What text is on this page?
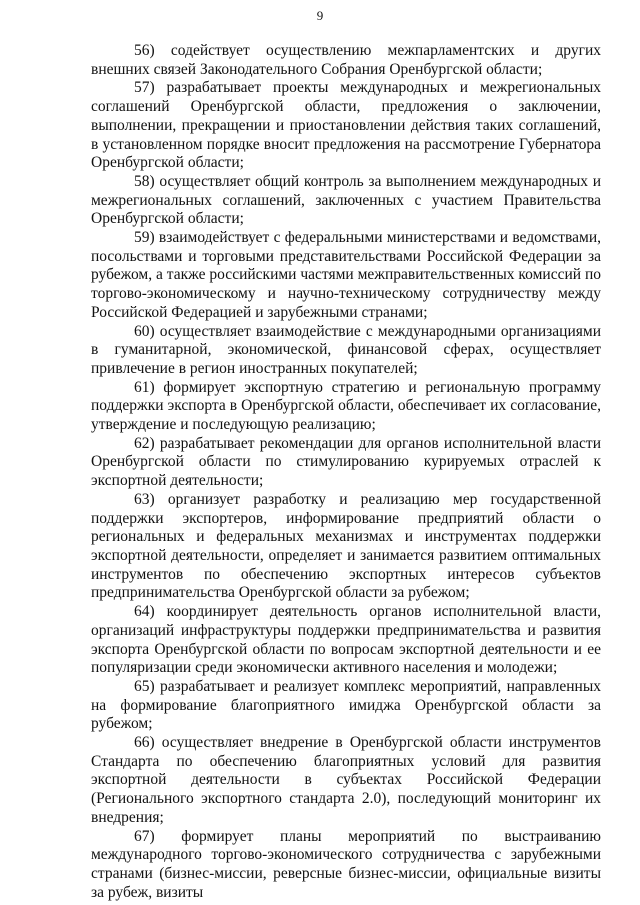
9

56) содействует осуществлению межпарламентских и других внешних связей Законодательного Собрания Оренбургской области;

57) разрабатывает проекты международных и межрегиональных соглашений Оренбургской области, предложения о заключении, выполнении, прекращении и приостановлении действия таких соглашений, в установленном порядке вносит предложения на рассмотрение Губернатора Оренбургской области;

58) осуществляет общий контроль за выполнением международных и межрегиональных соглашений, заключенных с участием Правительства Оренбургской области;

59) взаимодействует с федеральными министерствами и ведомствами, посольствами и торговыми представительствами Российской Федерации за рубежом, а также российскими частями межправительственных комиссий по торгово-экономическому и научно-техническому сотрудничеству между Российской Федерацией и зарубежными странами;

60) осуществляет взаимодействие с международными организациями в гуманитарной, экономической, финансовой сферах, осуществляет привлечение в регион иностранных покупателей;

61) формирует экспортную стратегию и региональную программу поддержки экспорта в Оренбургской области, обеспечивает их согласование, утверждение и последующую реализацию;

62) разрабатывает рекомендации для органов исполнительной власти Оренбургской области по стимулированию курируемых отраслей к экспортной деятельности;

63) организует разработку и реализацию мер государственной поддержки экспортеров, информирование предприятий области о региональных и федеральных механизмах и инструментах поддержки экспортной деятельности, определяет и занимается развитием оптимальных инструментов по обеспечению экспортных интересов субъектов предпринимательства Оренбургской области за рубежом;

64) координирует деятельность органов исполнительной власти, организаций инфраструктуры поддержки предпринимательства и развития экспорта Оренбургской области по вопросам экспортной деятельности и ее популяризации среди экономически активного населения и молодежи;

65) разрабатывает и реализует комплекс мероприятий, направленных на формирование благоприятного имиджа Оренбургской области за рубежом;

66) осуществляет внедрение в Оренбургской области инструментов Стандарта по обеспечению благоприятных условий для развития экспортной деятельности в субъектах Российской Федерации (Регионального экспортного стандарта 2.0), последующий мониторинг их внедрения;

67) формирует планы мероприятий по выстраиванию международного торгово-экономического сотрудничества с зарубежными странами (бизнес-миссии, реверсные бизнес-миссии, официальные визиты за рубеж, визиты
